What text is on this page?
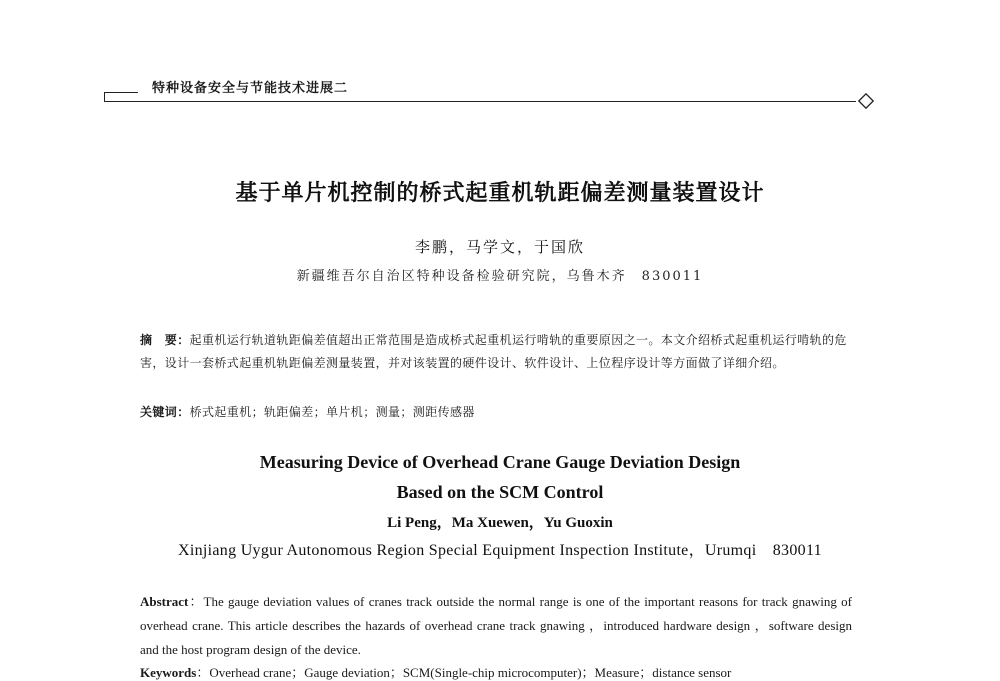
特种设备安全与节能技术进展二
基于单片机控制的桥式起重机轨距偏差测量装置设计
李鹏，马学文，于国欣
新疆维吾尔自治区特种设备检验研究院，乌鲁木齐　830011
摘　要：起重机运行轨道轨距偏差值超出正常范围是造成桥式起重机运行啃轨的重要原因之一。本文介绍桥式起重机运行啃轨的危害，设计一套桥式起重机轨距偏差测量装置，并对该装置的硬件设计、软件设计、上位程序设计等方面做了详细介绍。
关键词：桥式起重机；轨距偏差；单片机；测量；测距传感器
Measuring Device of Overhead Crane Gauge Deviation Design
Based on the SCM Control
Li Peng，Ma Xuewen，Yu Guoxin
Xinjiang Uygur Autonomous Region Special Equipment Inspection Institute，Urumqi　830011
Abstract：The gauge deviation values of cranes track outside the normal range is one of the important reasons for track gnawing of overhead crane. This article describes the hazards of overhead crane track gnawing ，introduced hardware design ，software design and the host program design of the device.
Keywords：Overhead crane；Gauge deviation；SCM(Single-chip microcomputer)；Measure；distance sensor
